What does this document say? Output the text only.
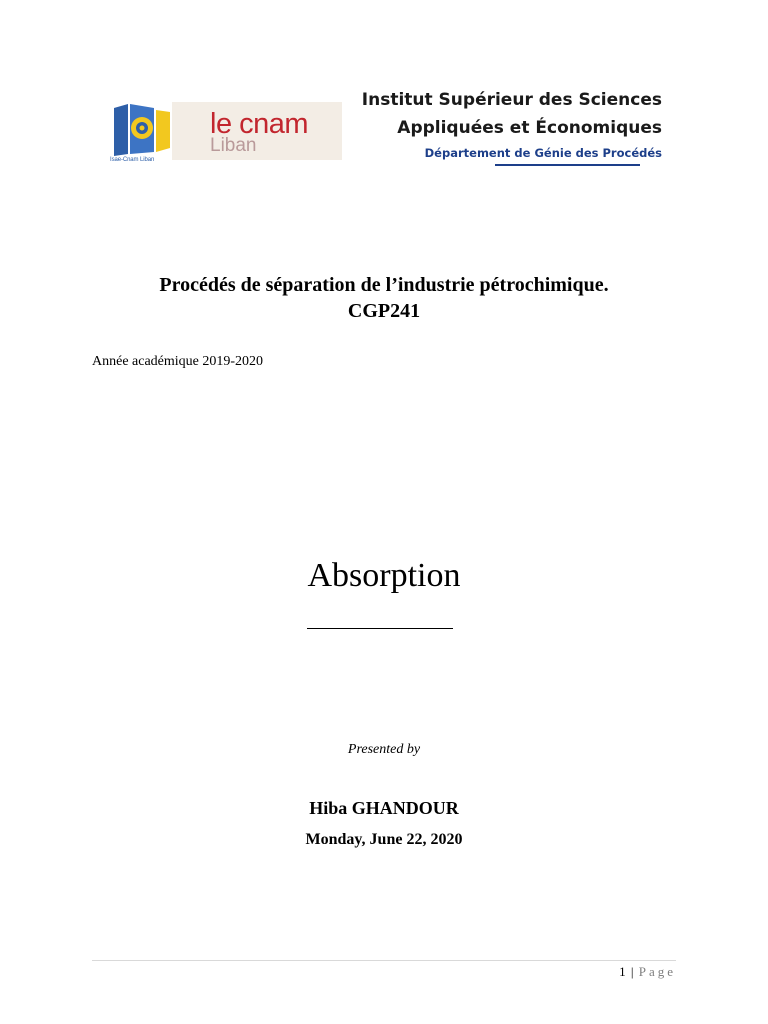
Isae-Cnam Liban
le cnam
Liban
Institut Supérieur des Sciences
Appliquées et Économiques
Département de Génie des Procédés
Procédés de séparation de l’industrie pétrochimique.
CGP241
Année académique 2019-2020
Absorption
Presented by
Hiba GHANDOUR
Monday, June 22, 2020
1 | Page
